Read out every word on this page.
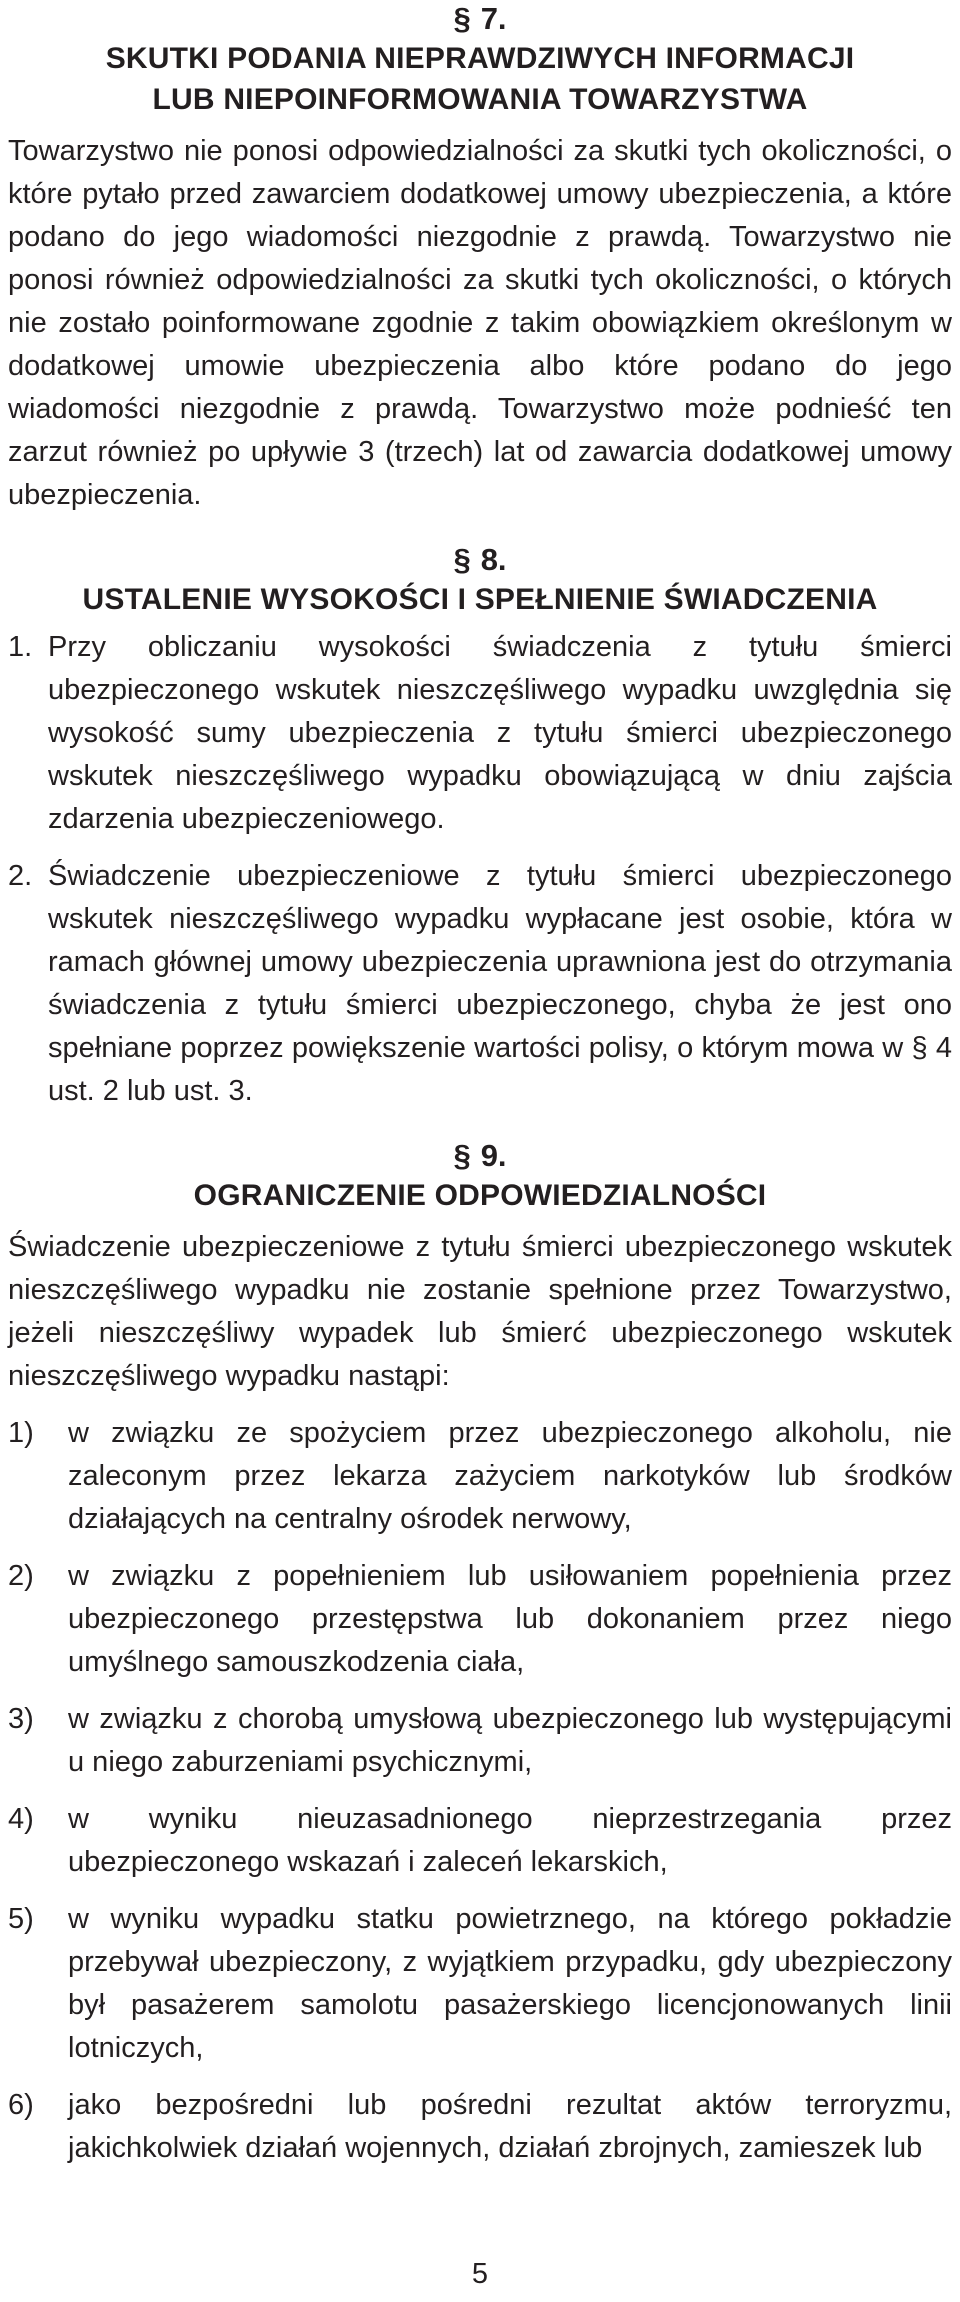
§ 7.
SKUTKI PODANIA NIEPRAWDZIWYCH INFORMACJI
LUB NIEPOINFORMOWANIA TOWARZYSTWA

Towarzystwo nie ponosi odpowiedzialności za skutki tych okoliczności, o które pytało przed zawarciem dodatkowej umowy ubezpieczenia, a które podano do jego wiadomości niezgodnie z prawdą. Towarzystwo nie ponosi również odpowiedzialności za skutki tych okoliczności, o których nie zostało poinformowane zgodnie z takim obowiązkiem określonym w dodatkowej umowie ubezpieczenia albo które podano do jego wiadomości niezgodnie z prawdą. Towarzystwo może podnieść ten zarzut również po upływie 3 (trzech) lat od zawarcia dodatkowej umowy ubezpieczenia.

§ 8.
USTALENIE WYSOKOŚCI I SPEŁNIENIE ŚWIADCZENIA
1. Przy obliczaniu wysokości świadczenia z tytułu śmierci ubezpieczonego wskutek nieszczęśliwego wypadku uwzględnia się wysokość sumy ubezpieczenia z tytułu śmierci ubezpieczonego wskutek nieszczęśliwego wypadku obowiązującą w dniu zajścia zdarzenia ubezpieczeniowego.

2. Świadczenie ubezpieczeniowe z tytułu śmierci ubezpieczonego wskutek nieszczęśliwego wypadku wypłacane jest osobie, która w ramach głównej umowy ubezpieczenia uprawniona jest do otrzymania świadczenia z tytułu śmierci ubezpieczonego, chyba że jest ono spełniane poprzez powiększenie wartości polisy, o którym mowa w § 4 ust. 2 lub ust. 3.

§ 9.
OGRANICZENIE ODPOWIEDZIALNOŚCI

Świadczenie ubezpieczeniowe z tytułu śmierci ubezpieczonego wskutek nieszczęśliwego wypadku nie zostanie spełnione przez Towarzystwo, jeżeli nieszczęśliwy wypadek lub śmierć ubezpieczonego wskutek nieszczęśliwego wypadku nastąpi:

1)	w związku ze spożyciem przez ubezpieczonego alkoholu, nie zaleconym przez lekarza zażyciem narkotyków lub środków działających na centralny ośrodek nerwowy,

2)	w związku z popełnieniem lub usiłowaniem popełnienia przez ubezpieczonego przestępstwa lub dokonaniem przez niego umyślnego samouszkodzenia ciała,

3)	w związku z chorobą umysłową ubezpieczonego lub występującymi u niego zaburzeniami psychicznymi,

4)	w wyniku nieuzasadnionego nieprzestrzegania przez ubezpieczonego wskazań i zaleceń lekarskich,

5)	w wyniku wypadku statku powietrznego, na którego pokładzie przebywał ubezpieczony, z wyjątkiem przypadku, gdy ubezpieczony był pasażerem samolotu pasażerskiego licencjonowanych linii lotniczych,

6)	jako bezpośredni lub pośredni rezultat aktów terroryzmu, jakichkolwiek działań wojennych, działań zbrojnych, zamieszek lub

5
